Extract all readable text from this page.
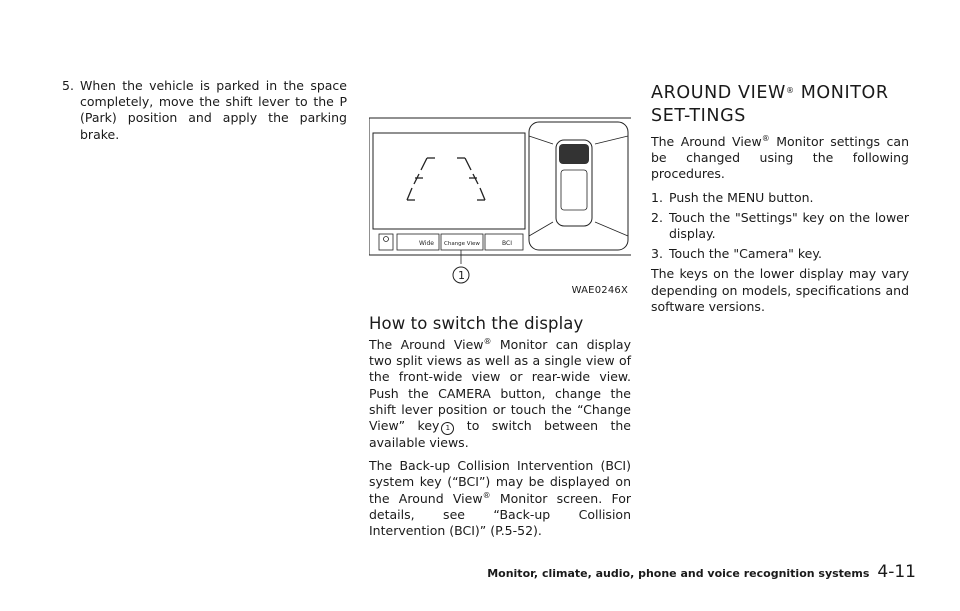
5. When the vehicle is parked in the space completely, move the shift lever to the P (Park) position and apply the parking brake.
Wide Change View	BCI
1
WAE0246X
How to switch the display

The Around View® Monitor can display two split views as well as a single view of the front-wide view or rear-wide view. Push the CAMERA button, change the shift lever position or touch the “Change View” key 1 to switch between the available views.

The Back-up Collision Intervention (BCI) system key (“BCI”) may be displayed on the Around View® Monitor screen. For details, see “Back-up Collision Intervention (BCI)” (P.5-52).

AROUND VIEW® MONITOR SET-TINGS

The Around View® Monitor settings can be changed using the following procedures.

1. Push the MENU button.
2. Touch the "Settings" key on the lower display.
3. Touch the "Camera" key.

The keys on the lower display may vary depending on models, specifications and software versions.

Monitor, climate, audio, phone and voice recognition systems 4-11
